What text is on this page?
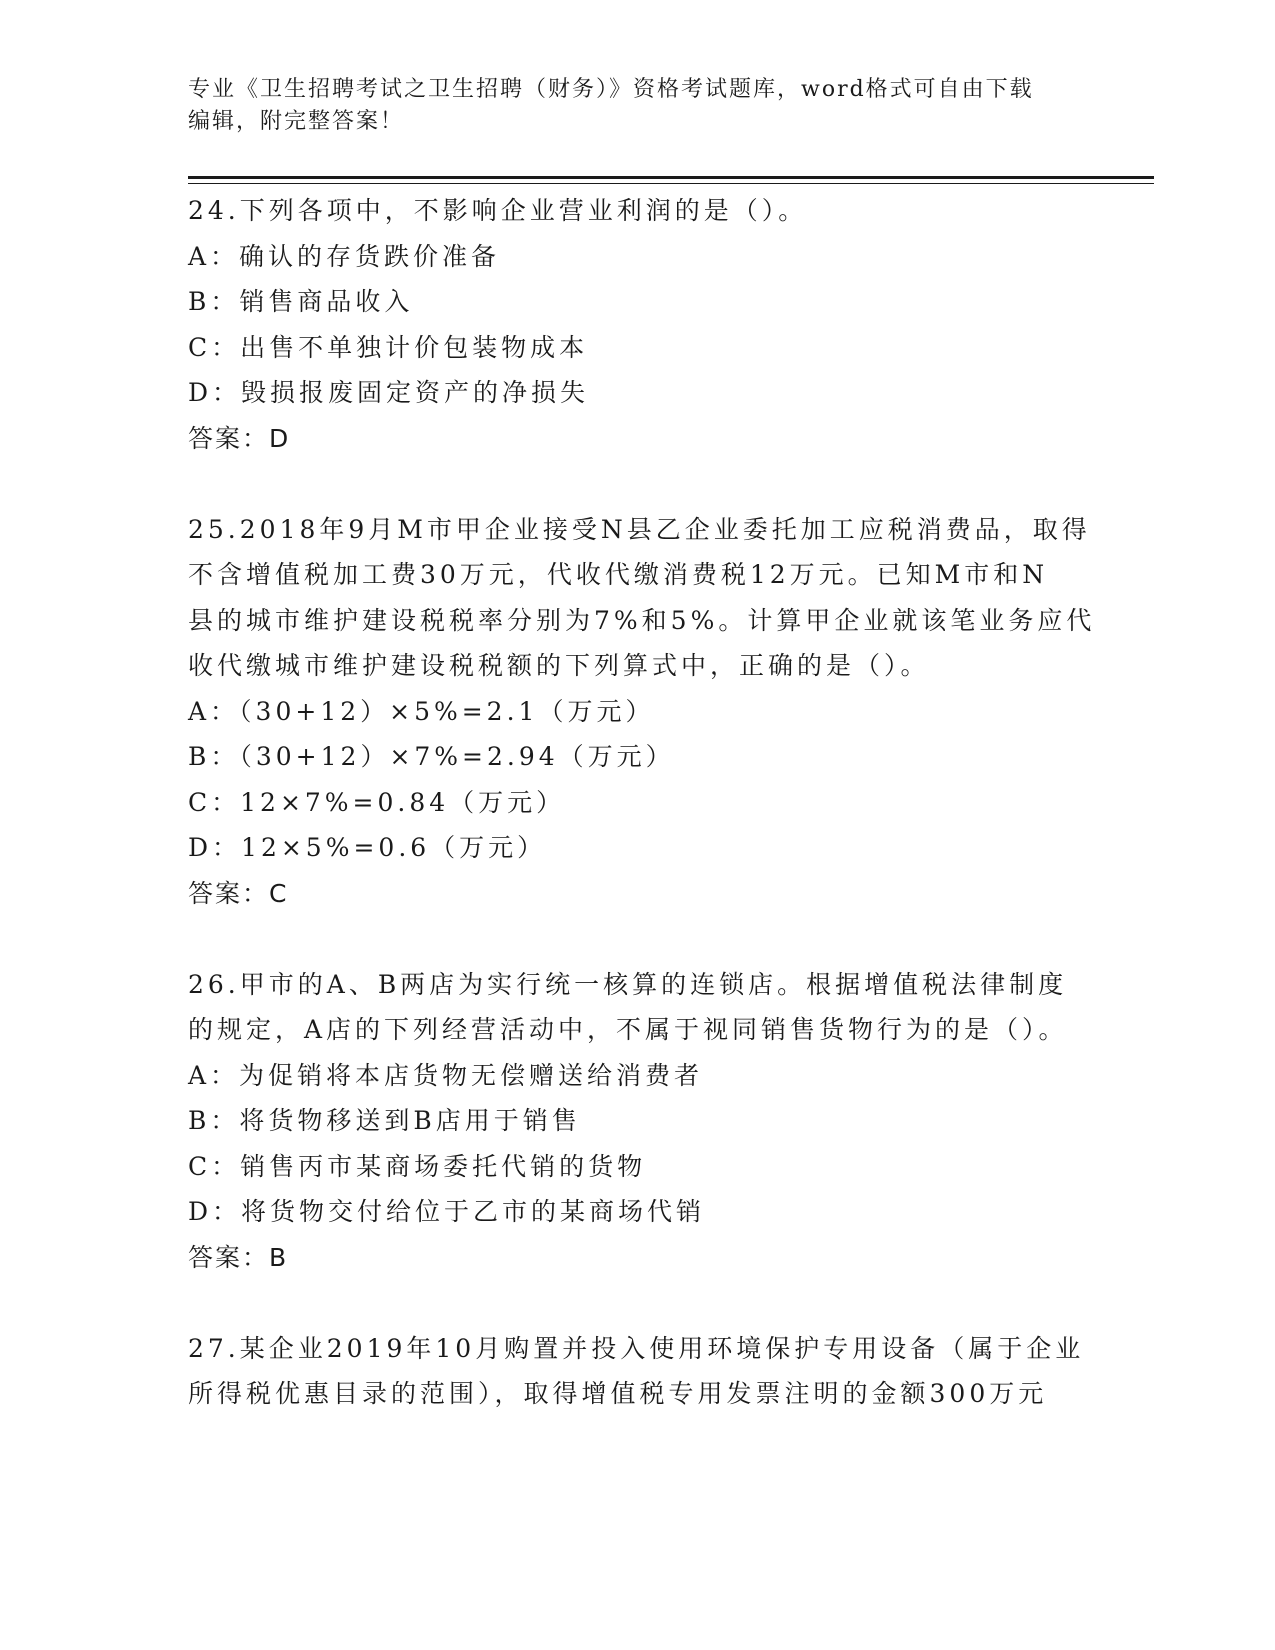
专业《卫生招聘考试之卫生招聘（财务）》资格考试题库，word格式可自由下载
编辑，附完整答案！
24.下列各项中，不影响企业营业利润的是（）。
A：确认的存货跌价准备
B：销售商品收入
C：出售不单独计价包装物成本
D：毁损报废固定资产的净损失
答案：D
25.2018年9月M市甲企业接受N县乙企业委托加工应税消费品，取得
不含增值税加工费30万元，代收代缴消费税12万元。已知M市和N
县的城市维护建设税税率分别为7%和5%。计算甲企业就该笔业务应代
收代缴城市维护建设税税额的下列算式中，正确的是（）。
A：（30+12）×5%=2.1（万元）
B：（30+12）×7%=2.94（万元）
C：12×7%=0.84（万元）
D：12×5%=0.6（万元）
答案：C
26.甲市的A、B两店为实行统一核算的连锁店。根据增值税法律制度
的规定，A店的下列经营活动中，不属于视同销售货物行为的是（）。
A：为促销将本店货物无偿赠送给消费者
B：将货物移送到B店用于销售
C：销售丙市某商场委托代销的货物
D：将货物交付给位于乙市的某商场代销
答案：B
27.某企业2019年10月购置并投入使用环境保护专用设备（属于企业
所得税优惠目录的范围），取得增值税专用发票注明的金额300万元
